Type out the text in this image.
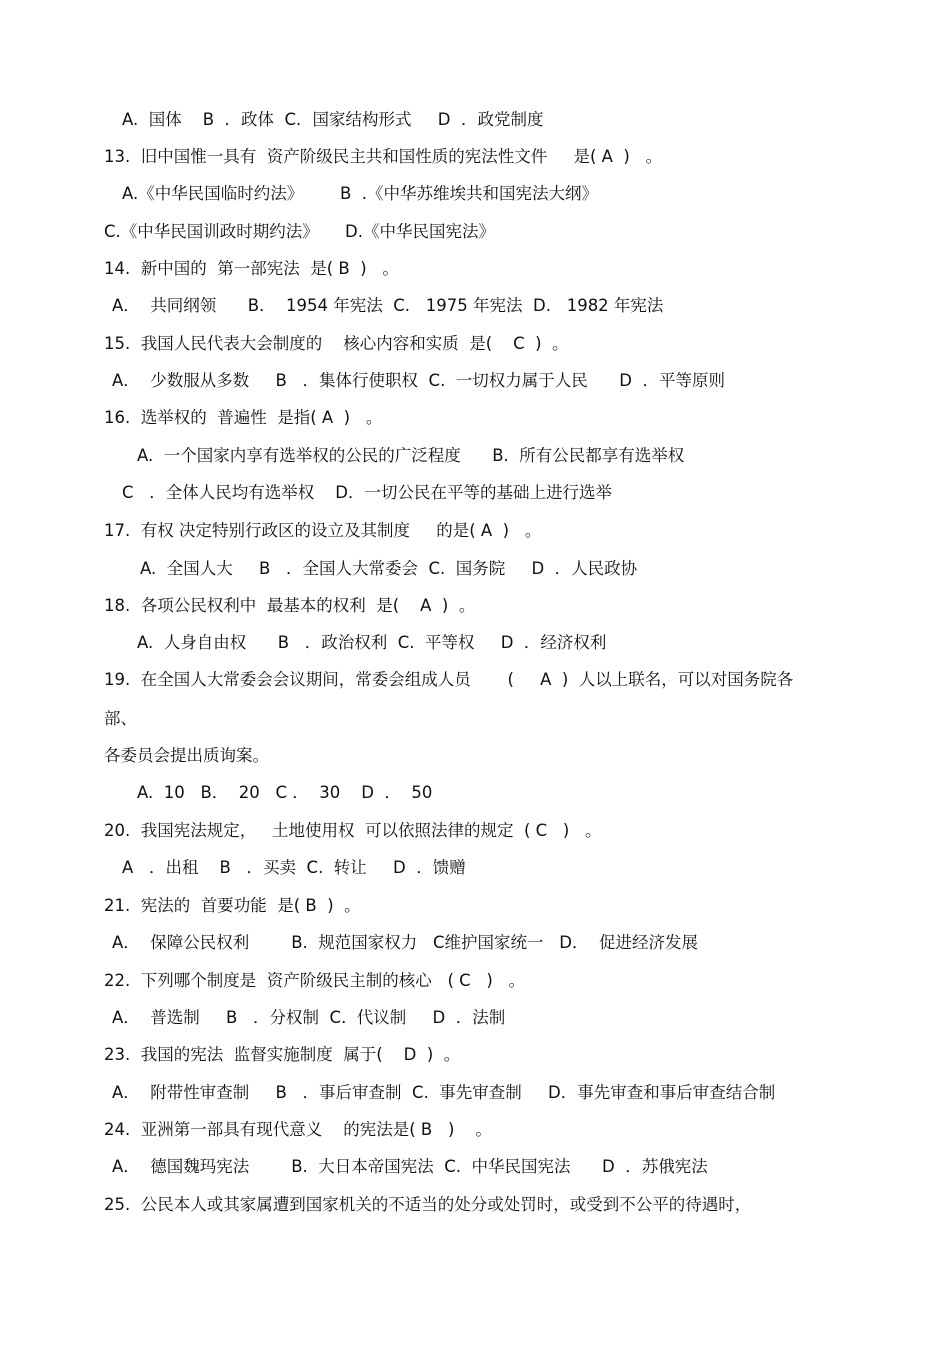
A.  国体    B  ．政体  C．国家结构形式     D  ．政党制度
13.  旧中国惟一具有  资产阶级民主共和国性质的宪法性文件     是( A  )   。
A.《中华民国临时约法》       B  .《中华苏维埃共和国宪法大纲》
C.《中华民国训政时期约法》     D.《中华民国宪法》
14.  新中国的  第一部宪法  是( B  )   。
A．  共同纲领      B．  1954 年宪法  C.   1975 年宪法  D.   1982 年宪法
15.  我国人民代表大会制度的    核心内容和实质  是(    C  )  。
A．  少数服从多数     B   ．集体行使职权  C.  一切权力属于人民      D  ．平等原则
16.  选举权的  普遍性  是指( A  )   。
A.  一个国家内享有选举权的公民的广泛程度      B.  所有公民都享有选举权
C   ．全体人民均有选举权    D．一切公民在平等的基础上进行选举
17.  有权 决定特别行政区的设立及其制度     的是( A  )   。
A.  全国人大     B   ．全国人大常委会  C.  国务院     D  ．人民政协
18.  各项公民权利中  最基本的权利  是(    A  )  。
A.  人身自由权      B   ．政治权利  C.  平等权     D  ．经济权利
19.  在全国人大常委会会议期间，常委会组成人员       (     A  )  人以上联名，可以对国务院各
部、
各委员会提出质询案。
A.  10   B．  20   C ．  30    D  ．  50
20.  我国宪法规定，   土地使用权  可以依照法律的规定  ( C   )   。
A   ．出租    B   ．买卖  C.  转让     D  ．馈赠
21.  宪法的  首要功能  是( B  )  。
A．  保障公民权利        B.  规范国家权力   C维护国家统一   D．  促进经济发展
22.  下列哪个制度是  资产阶级民主制的核心   ( C   )   。
A．  普选制     B   ．分权制  C.  代议制     D  ．法制
23.  我国的宪法  监督实施制度  属于(    D  )  。
A．  附带性审查制     B   ．事后审查制  C.  事先审查制     D．事先审查和事后审查结合制
24.  亚洲第一部具有现代意义    的宪法是( B   )    。
A．  德国魏玛宪法        B.  大日本帝国宪法  C.  中华民国宪法      D  ．苏俄宪法
25.  公民本人或其家属遭到国家机关的不适当的处分或处罚时，或受到不公平的待遇时，
